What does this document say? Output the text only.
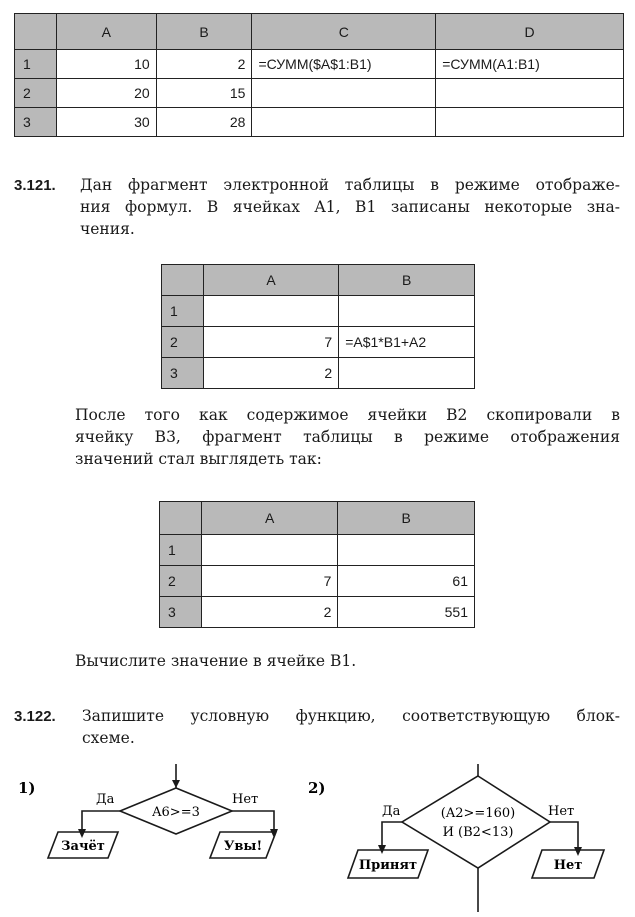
	A	B	C	D
1	10	2	=СУММ($A$1:B1)	=СУММ(A1:B1)
2	20	15		
3	30	28		
3.121. Дан фрагмент электронной таблицы в режиме отображе-
ния формул. В ячейках A1, B1 записаны некоторые зна-
чения.
	A	B
1		
2	7	=A$1*B1+A2
3	2	
После того как содержимое ячейки B2 скопировали в
ячейку B3, фрагмент таблицы в режиме отображения
значений стал выглядеть так:
	A	B
1		
2	7	61
3	2	551
Вычислите значение в ячейке B1.
3.122. Запишите условную функцию, соответствующую блок-
схеме.
1)
A6>=3
Да	Нет
Зачёт	Увы!
2)
(A2>=160)
И (B2<13)
Да	Нет
Принят	Нет
